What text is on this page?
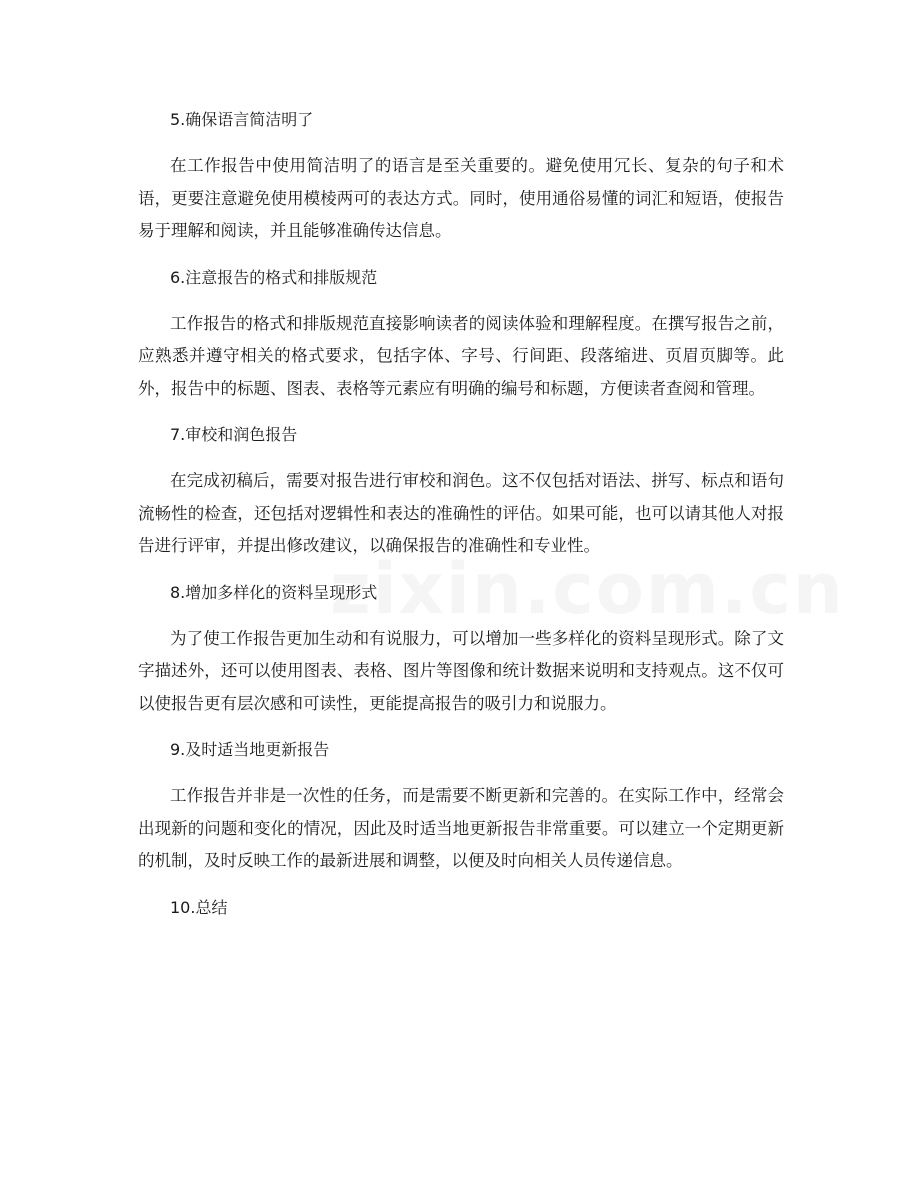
zixin.com.cn
5.确保语言简洁明了

在工作报告中使用简洁明了的语言是至关重要的。避免使用冗长、复杂的句子和术语，更要注意避免使用模棱两可的表达方式。同时，使用通俗易懂的词汇和短语，使报告易于理解和阅读，并且能够准确传达信息。

6.注意报告的格式和排版规范

工作报告的格式和排版规范直接影响读者的阅读体验和理解程度。在撰写报告之前，应熟悉并遵守相关的格式要求，包括字体、字号、行间距、段落缩进、页眉页脚等。此外，报告中的标题、图表、表格等元素应有明确的编号和标题，方便读者查阅和管理。

7.审校和润色报告

在完成初稿后，需要对报告进行审校和润色。这不仅包括对语法、拼写、标点和语句流畅性的检查，还包括对逻辑性和表达的准确性的评估。如果可能，也可以请其他人对报告进行评审，并提出修改建议，以确保报告的准确性和专业性。

8.增加多样化的资料呈现形式

为了使工作报告更加生动和有说服力，可以增加一些多样化的资料呈现形式。除了文字描述外，还可以使用图表、表格、图片等图像和统计数据来说明和支持观点。这不仅可以使报告更有层次感和可读性，更能提高报告的吸引力和说服力。

9.及时适当地更新报告

工作报告并非是一次性的任务，而是需要不断更新和完善的。在实际工作中，经常会出现新的问题和变化的情况，因此及时适当地更新报告非常重要。可以建立一个定期更新的机制，及时反映工作的最新进展和调整，以便及时向相关人员传递信息。

10.总结
